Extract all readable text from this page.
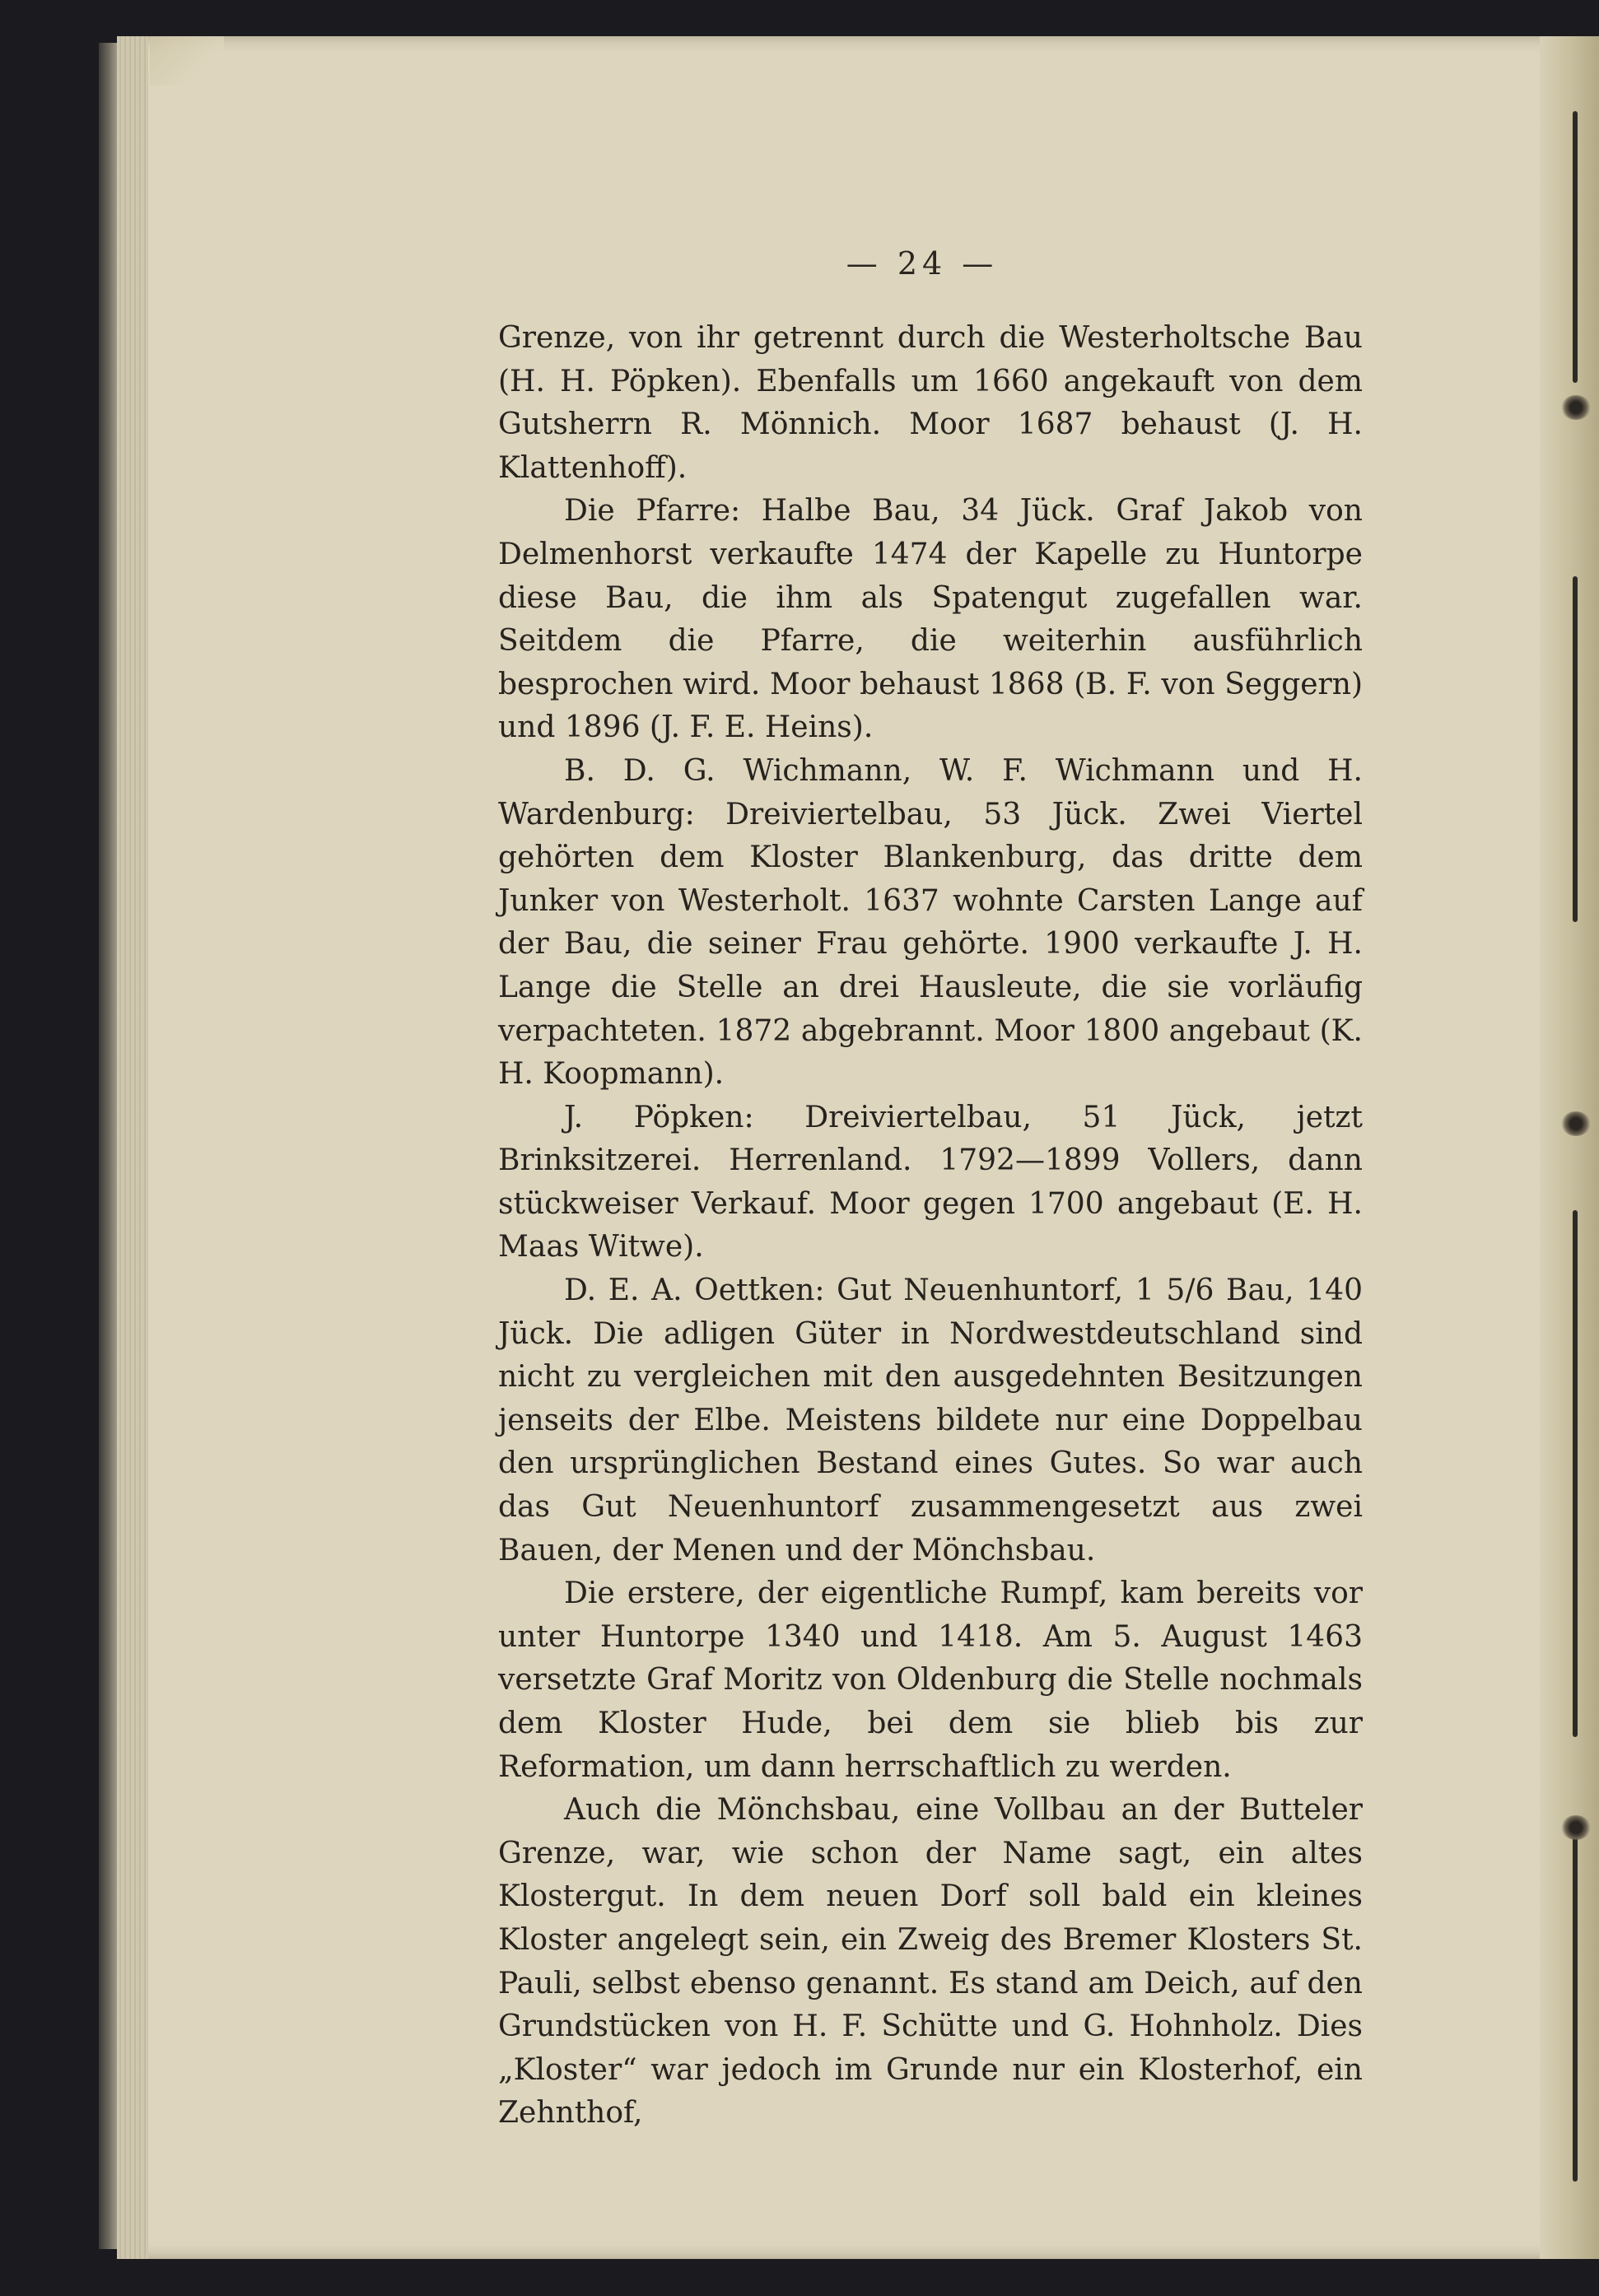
— 24 —

Grenze, von ihr getrennt durch die Westerholtsche Bau (H. H. Pöpken). Ebenfalls um 1660 angekauft von dem Gutsherrn R. Mönnich. Moor 1687 behaust (J. H. Klattenhoff).

Die Pfarre: Halbe Bau, 34 Jück. Graf Jakob von Delmenhorst verkaufte 1474 der Kapelle zu Huntorpe diese Bau, die ihm als Spatengut zugefallen war. Seitdem die Pfarre, die weiterhin ausführlich besprochen wird. Moor behaust 1868 (B. F. von Seggern) und 1896 (J. F. E. Heins).

B. D. G. Wichmann, W. F. Wichmann und H. Wardenburg: Dreiviertelbau, 53 Jück. Zwei Viertel gehörten dem Kloster Blankenburg, das dritte dem Junker von Westerholt. 1637 wohnte Carsten Lange auf der Bau, die seiner Frau gehörte. 1900 verkaufte J. H. Lange die Stelle an drei Hausleute, die sie vorläufig verpachteten. 1872 abgebrannt. Moor 1800 angebaut (K. H. Koopmann).

J. Pöpken: Dreiviertelbau, 51 Jück, jetzt Brinksitzerei. Herrenland. 1792—1899 Vollers, dann stückweiser Verkauf. Moor gegen 1700 angebaut (E. H. Maas Witwe).

D. E. A. Oettken: Gut Neuenhuntorf, 1 5/6 Bau, 140 Jück. Die adligen Güter in Nordwestdeutschland sind nicht zu vergleichen mit den ausgedehnten Besitzungen jenseits der Elbe. Meistens bildete nur eine Doppelbau den ursprünglichen Bestand eines Gutes. So war auch das Gut Neuenhuntorf zusammengesetzt aus zwei Bauen, der Menen und der Mönchsbau.

Die erstere, der eigentliche Rumpf, kam bereits vor unter Huntorpe 1340 und 1418. Am 5. August 1463 versetzte Graf Moritz von Oldenburg die Stelle nochmals dem Kloster Hude, bei dem sie blieb bis zur Reformation, um dann herrschaftlich zu werden.

Auch die Mönchsbau, eine Vollbau an der Butteler Grenze, war, wie schon der Name sagt, ein altes Klostergut. In dem neuen Dorf soll bald ein kleines Kloster angelegt sein, ein Zweig des Bremer Klosters St. Pauli, selbst ebenso genannt. Es stand am Deich, auf den Grundstücken von H. F. Schütte und G. Hohnholz. Dies „Kloster“ war jedoch im Grunde nur ein Klosterhof, ein Zehnthof,
